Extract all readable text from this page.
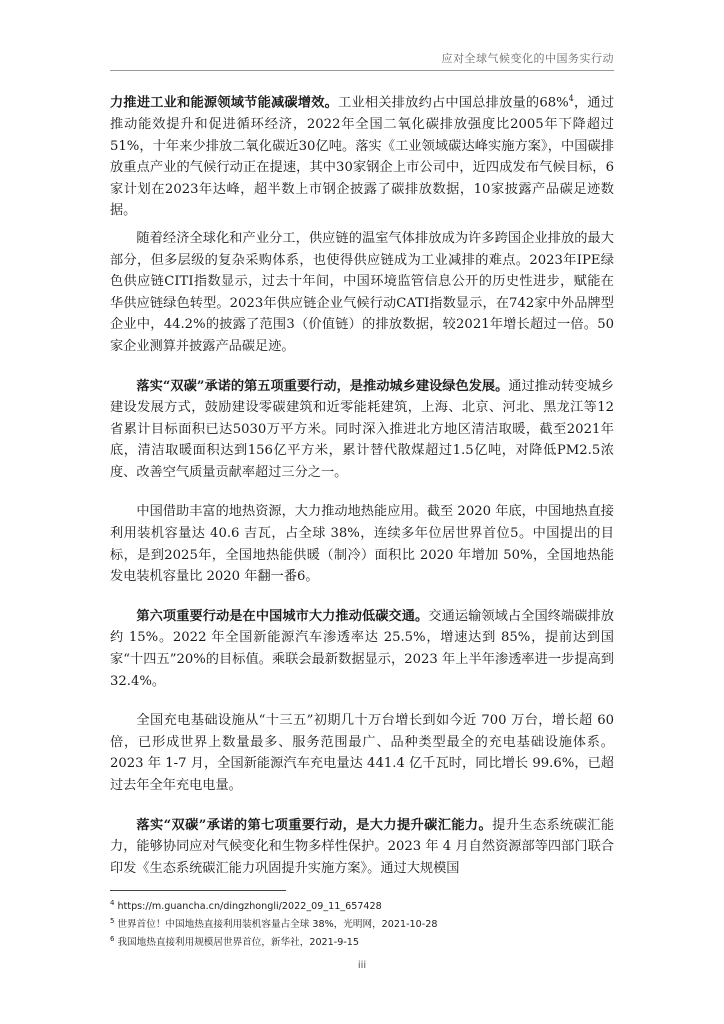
应对全球气候变化的中国务实行动

力推进工业和能源领域节能减碳增效。工业相关排放约占中国总排放量的68%$^4$，通过推动能效提升和促进循环经济，2022年全国二氧化碳排放强度比2005年下降超过51%，十年来少排放二氧化碳近30亿吨。落实《工业领域碳达峰实施方案》，中国碳排放重点产业的气候行动正在提速，其中30家钢企上市公司中，近四成发布气候目标，6家计划在2023年达峰，超半数上市钢企披露了碳排放数据，10家披露产品碳足迹数据。

随着经济全球化和产业分工，供应链的温室气体排放成为许多跨国企业排放的最大部分，但多层级的复杂采购体系，也使得供应链成为工业减排的难点。2023年IPE绿色供应链CITI指数显示，过去十年间，中国环境监管信息公开的历史性进步，赋能在华供应链绿色转型。2023年供应链企业气候行动CATI指数显示，在742家中外品牌型企业中，44.2%的披露了范围3（价值链）的排放数据，较2021年增长超过一倍。50家企业测算并披露产品碳足迹。

落实“双碳”承诺的第五项重要行动，是推动城乡建设绿色发展。通过推动转变城乡建设发展方式，鼓励建设零碳建筑和近零能耗建筑，上海、北京、河北、黑龙江等12省累计目标面积已达5030万平方米。同时深入推进北方地区清洁取暖，截至2021年底，清洁取暖面积达到156亿平方米，累计替代散煤超过1.5亿吨，对降低PM2.5浓度、改善空气质量贡献率超过三分之一。

中国借助丰富的地热资源，大力推动地热能应用。截至 2020 年底，中国地热直接利用装机容量达 40.6 吉瓦，占全球 38%，连续多年位居世界首位5。中国提出的目标，是到2025年，全国地热能供暖（制冷）面积比 2020 年增加 50%，全国地热能发电装机容量比 2020 年翻一番6。

第六项重要行动是在中国城市大力推动低碳交通。交通运输领域占全国终端碳排放约 15%。2022 年全国新能源汽车渗透率达 25.5%，增速达到 85%，提前达到国家“十四五”20%的目标值。乘联会最新数据显示，2023 年上半年渗透率进一步提高到 32.4%。

全国充电基础设施从“十三五”初期几十万台增长到如今近 700 万台，增长超 60 倍，已形成世界上数量最多、服务范围最广、品种类型最全的充电基础设施体系。2023 年 1-7 月，全国新能源汽车充电量达 441.4 亿千瓦时，同比增长 99.6%，已超过去年全年充电电量。

落实“双碳”承诺的第七项重要行动，是大力提升碳汇能力。提升生态系统碳汇能力，能够协同应对气候变化和生物多样性保护。2023 年 4 月自然资源部等四部门联合印发《生态系统碳汇能力巩固提升实施方案》。通过大规模国

$^4$ https://m.guancha.cn/dingzhongli/2022_09_11_657428

$^5$ 世界首位！中国地热直接利用装机容量占全球 38%，光明网，2021-10-28

$^6$ 我国地热直接利用规模居世界首位，新华社，2021-9-15

iii
